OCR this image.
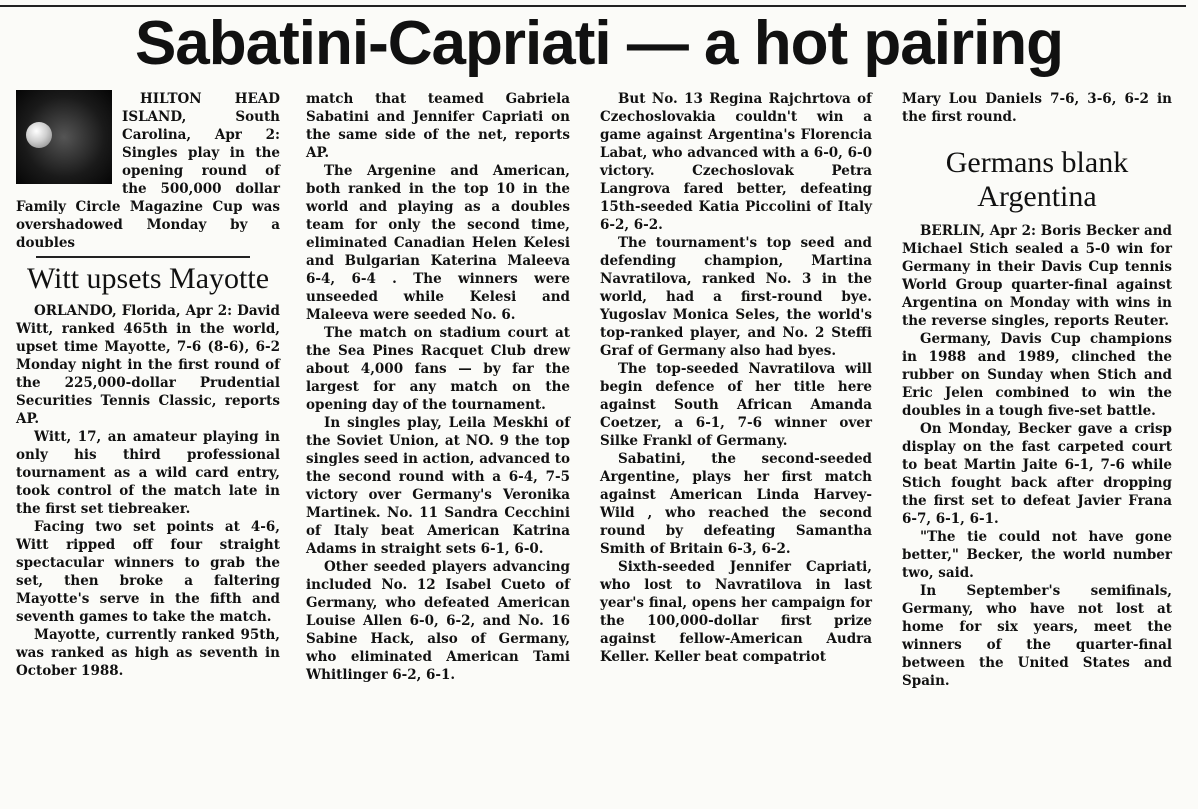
Sabatini-Capriati — a hot pairing

HILTON HEAD ISLAND, South Carolina, Apr 2: Singles play in the opening round of the 500,000 dollar Family Circle Magazine Cup was overshadowed Monday by a doubles

Witt upsets Mayotte

ORLANDO, Florida, Apr 2: David Witt, ranked 465th in the world, upset time Mayotte, 7-6 (8-6), 6-2 Monday night in the first round of the 225,000-dollar Prudential Securities Tennis Classic, reports AP.

Witt, 17, an amateur playing in only his third professional tournament as a wild card entry, took control of the match late in the first set tiebreaker.

Facing two set points at 4-6, Witt ripped off four straight spectacular winners to grab the set, then broke a faltering Mayotte's serve in the fifth and seventh games to take the match.

Mayotte, currently ranked 95th, was ranked as high as seventh in October 1988.

match that teamed Gabriela Sabatini and Jennifer Capriati on the same side of the net, reports AP.

The Argenine and American, both ranked in the top 10 in the world and playing as a doubles team for only the second time, eliminated Canadian Helen Kelesi and Bulgarian Katerina Maleeva 6-4, 6-4 . The winners were unseeded while Kelesi and Maleeva were seeded No. 6.

The match on stadium court at the Sea Pines Racquet Club drew about 4,000 fans — by far the largest for any match on the opening day of the tournament.

In singles play, Leila Meskhi of the Soviet Union, at NO. 9 the top singles seed in action, advanced to the second round with a 6-4, 7-5 victory over Germany's Veronika Martinek. No. 11 Sandra Cecchini of Italy beat American Katrina Adams in straight sets 6-1, 6-0.

Other seeded players advancing included No. 12 Isabel Cueto of Germany, who defeated American Louise Allen 6-0, 6-2, and No. 16 Sabine Hack, also of Germany, who eliminated American Tami Whitlinger 6-2, 6-1.

But No. 13 Regina Rajchrtova of Czechoslovakia couldn't win a game against Argentina's Florencia Labat, who advanced with a 6-0, 6-0 victory. Czechoslovak Petra Langrova fared better, defeating 15th-seeded Katia Piccolini of Italy 6-2, 6-2.

The tournament's top seed and defending champion, Martina Navratilova, ranked No. 3 in the world, had a first-round bye. Yugoslav Monica Seles, the world's top-ranked player, and No. 2 Steffi Graf of Germany also had byes.

The top-seeded Navratilova will begin defence of her title here against South African Amanda Coetzer, a 6-1, 7-6 winner over Silke Frankl of Germany.

Sabatini, the second-seeded Argentine, plays her first match against American Linda Harvey-Wild , who reached the second round by defeating Samantha Smith of Britain 6-3, 6-2.

Sixth-seeded Jennifer Capriati, who lost to Navratilova in last year's final, opens her campaign for the 100,000-dollar first prize against fellow-American Audra Keller. Keller beat compatriot

Mary Lou Daniels 7-6, 3-6, 6-2 in the first round.

Germans blank Argentina

BERLIN, Apr 2: Boris Becker and Michael Stich sealed a 5-0 win for Germany in their Davis Cup tennis World Group quarter-final against Argentina on Monday with wins in the reverse singles, reports Reuter.

Germany, Davis Cup champions in 1988 and 1989, clinched the rubber on Sunday when Stich and Eric Jelen combined to win the doubles in a tough five-set battle.

On Monday, Becker gave a crisp display on the fast carpeted court to beat Martin Jaite 6-1, 7-6 while Stich fought back after dropping the first set to defeat Javier Frana 6-7, 6-1, 6-1.

"The tie could not have gone better," Becker, the world number two, said.

In September's semifinals, Germany, who have not lost at home for six years, meet the winners of the quarter-final between the United States and Spain.
